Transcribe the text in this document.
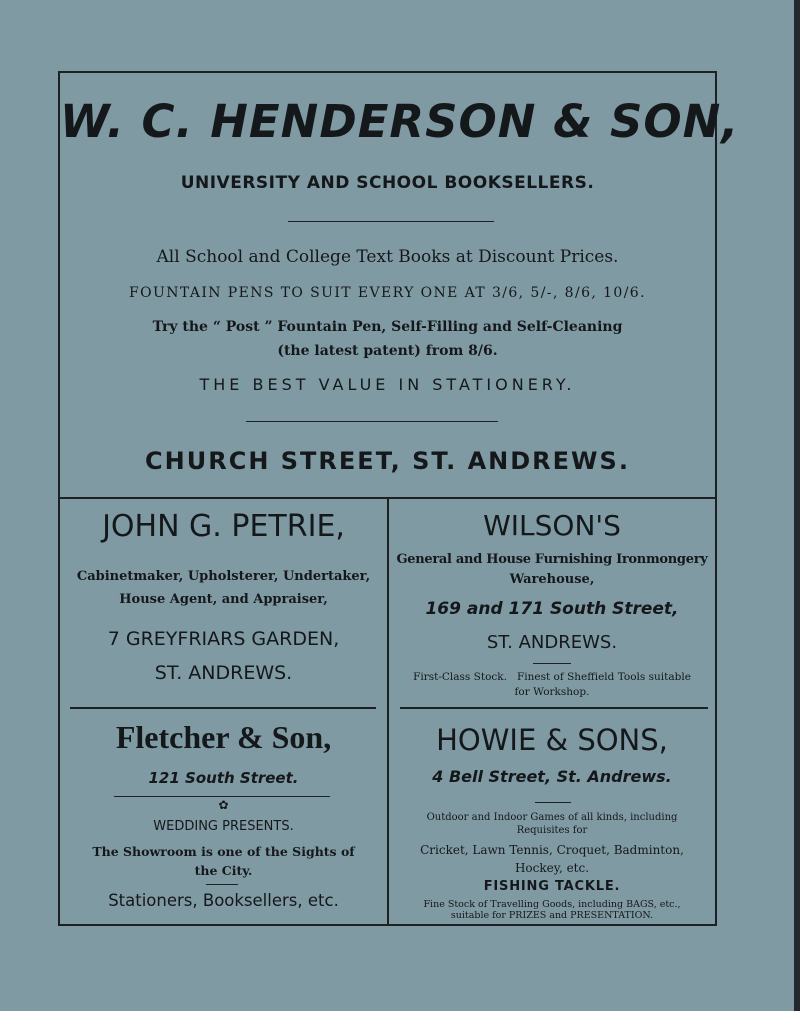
W. C. HENDERSON & SON,
UNIVERSITY AND SCHOOL BOOKSELLERS.
All School and College Text Books at Discount Prices.
FOUNTAIN PENS TO SUIT EVERY ONE AT 3/6, 5/-, 8/6, 10/6.
Try the “ Post ” Fountain Pen, Self-Filling and Self-Cleaning
(the latest patent) from 8/6.
THE BEST VALUE IN STATIONERY.
CHURCH STREET, ST. ANDREWS.
JOHN G. PETRIE,
Cabinetmaker, Upholsterer, Undertaker,
House Agent, and Appraiser,
7 GREYFRIARS GARDEN,
ST. ANDREWS.
WILSON'S
General and House Furnishing Ironmongery
Warehouse,
169 and 171 South Street,
ST. ANDREWS.
First-Class Stock.   Finest of Sheffield Tools suitable
for Workshop.
Fletcher & Son,
121 South Street.
✿
WEDDING PRESENTS.
The Showroom is one of the Sights of
the City.
Stationers, Booksellers, etc.
HOWIE & SONS,
4 Bell Street, St. Andrews.
Outdoor and Indoor Games of all kinds, including
Requisites for
Cricket, Lawn Tennis, Croquet, Badminton,
Hockey, etc.
FISHING TACKLE.
Fine Stock of Travelling Goods, including BAGS, etc.,
suitable for PRIZES and PRESENTATION.
